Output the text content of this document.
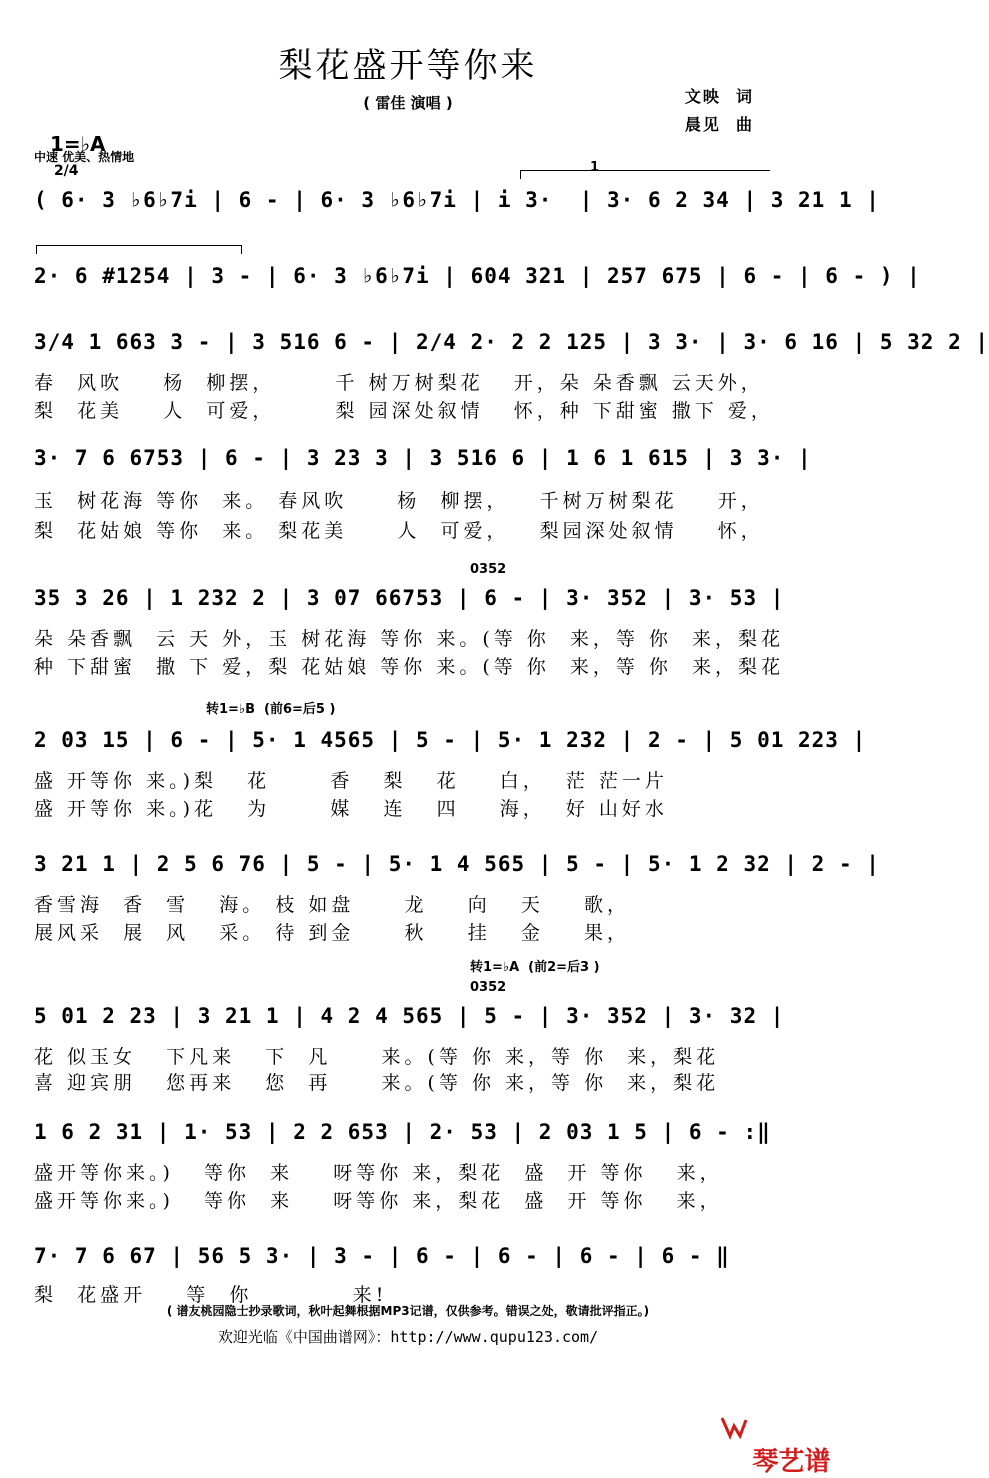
梨花盛开等你来
( 雷佳 演唱 )	文映  词
晨见  曲

1=♭A
2/4

中速 优美、热情地
1
( 6· 3 ♭6♭7i | 6 - | 6· 3 ♭6♭7i | i 3·  | 3· 6 2 34 | 3 21 1 |
2· 6 #1254 | 3 - | 6· 3 ♭6♭7i | 604 321 | 257 675 | 6 - | 6 - ) |
3/4 1 663 3 - | 3 516 6 - | 2/4 2· 2 2 125 | 3 3· | 3· 6 16 | 5 32 2 |
春  风吹    杨  柳摆，      千 树万树梨花   开，朵 朵香飘 云天外，
梨  花美    人  可爱，      梨 园深处叙情   怀，种 下甜蜜 撒下 爱，
3· 7 6 6753 | 6 - | 3 23 3 | 3 516 6 | 1 6 1 615 | 3 3· |
玉  树花海 等你  来。 春风吹     杨  柳摆，   千树万树梨花    开，
梨  花姑娘 等你  来。 梨花美     人  可爱，   梨园深处叙情    怀，
0352
35 3 26 | 1 232 2 | 3 07 66753 | 6 - | 3· 352 | 3· 53 |
朵 朵香飘  云 天 外，玉 树花海 等你 来。(等 你  来，等 你  来，梨花
种 下甜蜜  撒 下 爱，梨 花姑娘 等你 来。(等 你  来，等 你  来，梨花
转1=♭B  (前6=后5 )
2 03 15 | 6 - | 5· 1 4565 | 5 - | 5· 1 232 | 2 - | 5 01 223 |
盛 开等你 来。)梨   花      香   梨   花    白，  茫 茫一片
盛 开等你 来。)花   为      媒   连   四    海，  好 山好水
3 21 1 | 2 5 6 76 | 5 - | 5· 1 4 565 | 5 - | 5· 1 2 32 | 2 - |
香雪海  香  雪   海。 枝 如盘     龙    向   天    歌，
展风采  展  风   采。 待 到金     秋    挂   金    果，
转1=♭A  (前2=后3 )
0352
5 01 2 23 | 3 21 1 | 4 2 4 565 | 5 - | 3· 352 | 3· 32 |
花 似玉女   下凡来   下  凡     来。(等 你 来，等 你  来，梨花
喜 迎宾朋   您再来   您  再     来。(等 你 来，等 你  来，梨花
1 6 2 31 | 1· 53 | 2 2 653 | 2· 53 | 2 03 1 5 | 6 - :‖
盛开等你来。)   等你  来    呀等你 来，梨花  盛  开 等你   来，
盛开等你来。)   等你  来    呀等你 来，梨花  盛  开 等你   来，
7· 7 6 67 | 56 5 3· | 3 - | 6 - | 6 - | 6 - | 6 - ‖
梨  花盛开    等  你          来!
( 谱友桃园隐士抄录歌词，秋叶起舞根据MP3记谱，仅供参考。错误之处，敬请批评指正。)
欢迎光临《中国曲谱网》：http://www.qupu123.com/

琴艺谱
